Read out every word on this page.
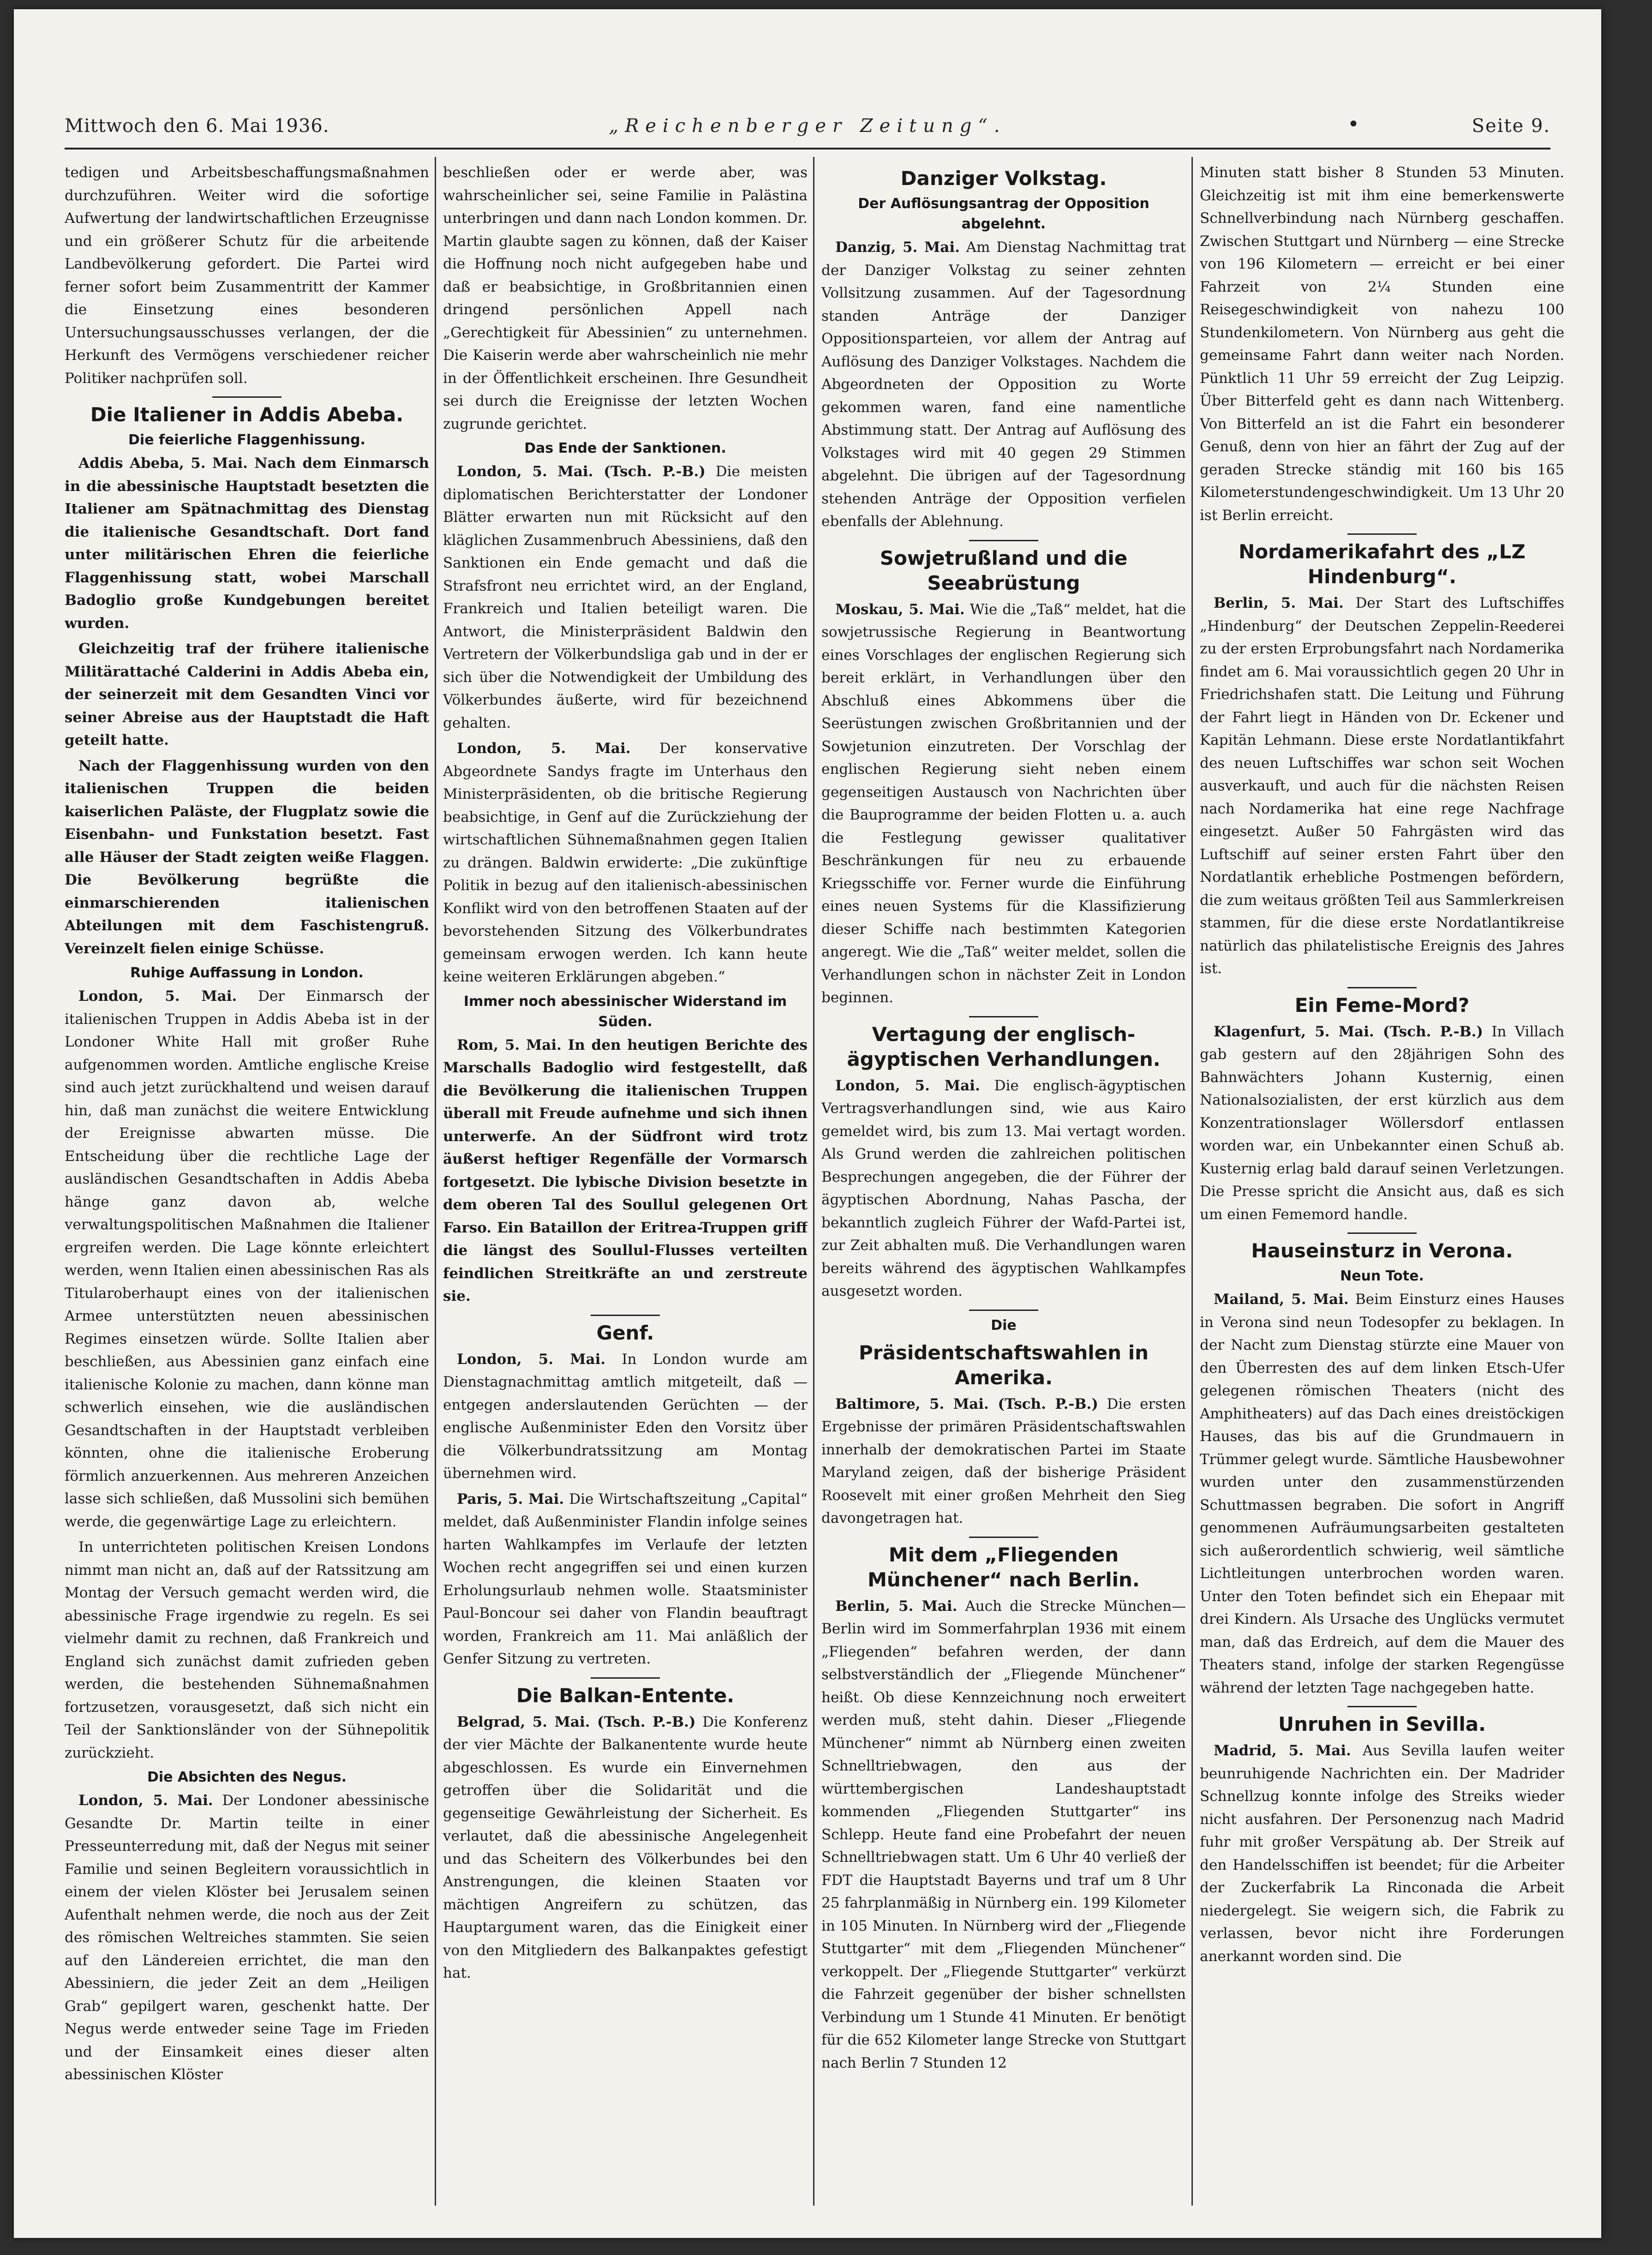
Mittwoch den 6. Mai 1936.	„Reichenberger Zeitung“.	•	Seite 9.

tedigen und Arbeitsbeschaffungsmaßnahmen durchzuführen. Weiter wird die sofortige Aufwertung der landwirtschaftlichen Erzeugnisse und ein größerer Schutz für die arbeitende Landbevölkerung gefordert. Die Partei wird ferner sofort beim Zusammentritt der Kammer die Einsetzung eines besonderen Untersuchungsausschusses verlangen, der die Herkunft des Vermögens verschiedener reicher Politiker nachprüfen soll.

Die Italiener in Addis Abeba.
Die feierliche Flaggenhissung.

Addis Abeba, 5. Mai. Nach dem Einmarsch in die abessinische Hauptstadt besetzten die Italiener am Spätnachmittag des Dienstag die italienische Gesandtschaft. Dort fand unter militärischen Ehren die feierliche Flaggenhissung statt, wobei Marschall Badoglio große Kundgebungen bereitet wurden.

Gleichzeitig traf der frühere italienische Militärattaché Calderini in Addis Abeba ein, der seinerzeit mit dem Gesandten Vinci vor seiner Abreise aus der Hauptstadt die Haft geteilt hatte.

Nach der Flaggenhissung wurden von den italienischen Truppen die beiden kaiserlichen Paläste, der Flugplatz sowie die Eisenbahn- und Funkstation besetzt. Fast alle Häuser der Stadt zeigten weiße Flaggen. Die Bevölkerung begrüßte die einmarschierenden italienischen Abteilungen mit dem Faschistengruß. Vereinzelt fielen einige Schüsse.

Ruhige Auffassung in London.

London, 5. Mai. Der Einmarsch der italienischen Truppen in Addis Abeba ist in der Londoner White Hall mit großer Ruhe aufgenommen worden. Amtliche englische Kreise sind auch jetzt zurückhaltend und weisen darauf hin, daß man zunächst die weitere Entwicklung der Ereignisse abwarten müsse. Die Entscheidung über die rechtliche Lage der ausländischen Gesandtschaften in Addis Abeba hänge ganz davon ab, welche verwaltungspolitischen Maßnahmen die Italiener ergreifen werden. Die Lage könnte erleichtert werden, wenn Italien einen abessinischen Ras als Titularoberhaupt eines von der italienischen Armee unterstützten neuen abessinischen Regimes einsetzen würde. Sollte Italien aber beschließen, aus Abessinien ganz einfach eine italienische Kolonie zu machen, dann könne man schwerlich einsehen, wie die ausländischen Gesandtschaften in der Hauptstadt verbleiben könnten, ohne die italienische Eroberung förmlich anzuerkennen. Aus mehreren Anzeichen lasse sich schließen, daß Mussolini sich bemühen werde, die gegenwärtige Lage zu erleichtern.

In unterrichteten politischen Kreisen Londons nimmt man nicht an, daß auf der Ratssitzung am Montag der Versuch gemacht werden wird, die abessinische Frage irgendwie zu regeln. Es sei vielmehr damit zu rechnen, daß Frankreich und England sich zunächst damit zufrieden geben werden, die bestehenden Sühnemaßnahmen fortzusetzen, vorausgesetzt, daß sich nicht ein Teil der Sanktionsländer von der Sühnepolitik zurückzieht.

Die Absichten des Negus.

London, 5. Mai. Der Londoner abessinische Gesandte Dr. Martin teilte in einer Presseunterredung mit, daß der Negus mit seiner Familie und seinen Begleitern voraussichtlich in einem der vielen Klöster bei Jerusalem seinen Aufenthalt nehmen werde, die noch aus der Zeit des römischen Weltreiches stammten. Sie seien auf den Ländereien errichtet, die man den Abessiniern, die jeder Zeit an dem „Heiligen Grab“ gepilgert waren, geschenkt hatte. Der Negus werde entweder seine Tage im Frieden und der Einsamkeit eines dieser alten abessinischen Klöster

beschließen oder er werde aber, was wahrscheinlicher sei, seine Familie in Palästina unterbringen und dann nach London kommen. Dr. Martin glaubte sagen zu können, daß der Kaiser die Hoffnung noch nicht aufgegeben habe und daß er beabsichtige, in Großbritannien einen dringend persönlichen Appell nach „Gerechtigkeit für Abessinien“ zu unternehmen. Die Kaiserin werde aber wahrscheinlich nie mehr in der Öffentlichkeit erscheinen. Ihre Gesundheit sei durch die Ereignisse der letzten Wochen zugrunde gerichtet.

Das Ende der Sanktionen.

London, 5. Mai. (Tsch. P.-B.) Die meisten diplomatischen Berichterstatter der Londoner Blätter erwarten nun mit Rücksicht auf den kläglichen Zusammenbruch Abessiniens, daß den Sanktionen ein Ende gemacht und daß die Strafsfront neu errichtet wird, an der England, Frankreich und Italien beteiligt waren. Die Antwort, die Ministerpräsident Baldwin den Vertretern der Völkerbundsliga gab und in der er sich über die Notwendigkeit der Umbildung des Völkerbundes äußerte, wird für bezeichnend gehalten.

London, 5. Mai. Der konservative Abgeordnete Sandys fragte im Unterhaus den Ministerpräsidenten, ob die britische Regierung beabsichtige, in Genf auf die Zurückziehung der wirtschaftlichen Sühnemaßnahmen gegen Italien zu drängen. Baldwin erwiderte: „Die zukünftige Politik in bezug auf den italienisch-abessinischen Konflikt wird von den betroffenen Staaten auf der bevorstehenden Sitzung des Völkerbundrates gemeinsam erwogen werden. Ich kann heute keine weiteren Erklärungen abgeben.“

Immer noch abessinischer Widerstand im Süden.

Rom, 5. Mai. In den heutigen Berichte des Marschalls Badoglio wird festgestellt, daß die Bevölkerung die italienischen Truppen überall mit Freude aufnehme und sich ihnen unterwerfe. An der Südfront wird trotz äußerst heftiger Regenfälle der Vormarsch fortgesetzt. Die lybische Division besetzte in dem oberen Tal des Soullul gelegenen Ort Farso. Ein Bataillon der Eritrea-Truppen griff die längst des Soullul-Flusses verteilten feindlichen Streitkräfte an und zerstreute sie.

Genf.

London, 5. Mai. In London wurde am Dienstagnachmittag amtlich mitgeteilt, daß — entgegen anderslautenden Gerüchten — der englische Außenminister Eden den Vorsitz über die Völkerbundratssitzung am Montag übernehmen wird.

Paris, 5. Mai. Die Wirtschaftszeitung „Capital“ meldet, daß Außenminister Flandin infolge seines harten Wahlkampfes im Verlaufe der letzten Wochen recht angegriffen sei und einen kurzen Erholungsurlaub nehmen wolle. Staatsminister Paul-Boncour sei daher von Flandin beauftragt worden, Frankreich am 11. Mai anläßlich der Genfer Sitzung zu vertreten.

Die Balkan-Entente.

Belgrad, 5. Mai. (Tsch. P.-B.) Die Konferenz der vier Mächte der Balkanentente wurde heute abgeschlossen. Es wurde ein Einvernehmen getroffen über die Solidarität und die gegenseitige Gewährleistung der Sicherheit. Es verlautet, daß die abessinische Angelegenheit und das Scheitern des Völkerbundes bei den Anstrengungen, die kleinen Staaten vor mächtigen Angreifern zu schützen, das Hauptargument waren, das die Einigkeit einer von den Mitgliedern des Balkanpaktes gefestigt hat.

Danziger Volkstag.
Der Auflösungsantrag der Opposition abgelehnt.

Danzig, 5. Mai. Am Dienstag Nachmittag trat der Danziger Volkstag zu seiner zehnten Vollsitzung zusammen. Auf der Tagesordnung standen Anträge der Danziger Oppositionsparteien, vor allem der Antrag auf Auflösung des Danziger Volkstages. Nachdem die Abgeordneten der Opposition zu Worte gekommen waren, fand eine namentliche Abstimmung statt. Der Antrag auf Auflösung des Volkstages wird mit 40 gegen 29 Stimmen abgelehnt. Die übrigen auf der Tagesordnung stehenden Anträge der Opposition verfielen ebenfalls der Ablehnung.

Sowjetrußland und die Seeabrüstung

Moskau, 5. Mai. Wie die „Taß“ meldet, hat die sowjetrussische Regierung in Beantwortung eines Vorschlages der englischen Regierung sich bereit erklärt, in Verhandlungen über den Abschluß eines Abkommens über die Seerüstungen zwischen Großbritannien und der Sowjetunion einzutreten. Der Vorschlag der englischen Regierung sieht neben einem gegenseitigen Austausch von Nachrichten über die Bauprogramme der beiden Flotten u. a. auch die Festlegung gewisser qualitativer Beschränkungen für neu zu erbauende Kriegsschiffe vor. Ferner wurde die Einführung eines neuen Systems für die Klassifizierung dieser Schiffe nach bestimmten Kategorien angeregt. Wie die „Taß“ weiter meldet, sollen die Verhandlungen schon in nächster Zeit in London beginnen.

Vertagung der englisch-ägyptischen Verhandlungen.

London, 5. Mai. Die englisch-ägyptischen Vertragsverhandlungen sind, wie aus Kairo gemeldet wird, bis zum 13. Mai vertagt worden. Als Grund werden die zahlreichen politischen Besprechungen angegeben, die der Führer der ägyptischen Abordnung, Nahas Pascha, der bekanntlich zugleich Führer der Wafd-Partei ist, zur Zeit abhalten muß. Die Verhandlungen waren bereits während des ägyptischen Wahlkampfes ausgesetzt worden.

Die
Präsidentschaftswahlen in Amerika.

Baltimore, 5. Mai. (Tsch. P.-B.) Die ersten Ergebnisse der primären Präsidentschaftswahlen innerhalb der demokratischen Partei im Staate Maryland zeigen, daß der bisherige Präsident Roosevelt mit einer großen Mehrheit den Sieg davongetragen hat.

Mit dem „Fliegenden Münchener“ nach Berlin.

Berlin, 5. Mai. Auch die Strecke München—Berlin wird im Sommerfahrplan 1936 mit einem „Fliegenden“ befahren werden, der dann selbstverständlich der „Fliegende Münchener“ heißt. Ob diese Kennzeichnung noch erweitert werden muß, steht dahin. Dieser „Fliegende Münchener“ nimmt ab Nürnberg einen zweiten Schnelltriebwagen, den aus der württembergischen Landeshauptstadt kommenden „Fliegenden Stuttgarter“ ins Schlepp. Heute fand eine Probefahrt der neuen Schnelltriebwagen statt. Um 6 Uhr 40 verließ der FDT die Hauptstadt Bayerns und traf um 8 Uhr 25 fahrplanmäßig in Nürnberg ein. 199 Kilometer in 105 Minuten. In Nürnberg wird der „Fliegende Stuttgarter“ mit dem „Fliegenden Münchener“ verkoppelt. Der „Fliegende Stuttgarter“ verkürzt die Fahrzeit gegenüber der bisher schnellsten Verbindung um 1 Stunde 41 Minuten. Er benötigt für die 652 Kilometer lange Strecke von Stuttgart nach Berlin 7 Stunden 12

Minuten statt bisher 8 Stunden 53 Minuten. Gleichzeitig ist mit ihm eine bemerkenswerte Schnellverbindung nach Nürnberg geschaffen. Zwischen Stuttgart und Nürnberg — eine Strecke von 196 Kilometern — erreicht er bei einer Fahrzeit von 2¼ Stunden eine Reisegeschwindigkeit von nahezu 100 Stundenkilometern. Von Nürnberg aus geht die gemeinsame Fahrt dann weiter nach Norden. Pünktlich 11 Uhr 59 erreicht der Zug Leipzig. Über Bitterfeld geht es dann nach Wittenberg. Von Bitterfeld an ist die Fahrt ein besonderer Genuß, denn von hier an fährt der Zug auf der geraden Strecke ständig mit 160 bis 165 Kilometerstundengeschwindigkeit. Um 13 Uhr 20 ist Berlin erreicht.

Nordamerikafahrt des „LZ Hindenburg“.

Berlin, 5. Mai. Der Start des Luftschiffes „Hindenburg“ der Deutschen Zeppelin-Reederei zu der ersten Erprobungsfahrt nach Nordamerika findet am 6. Mai voraussichtlich gegen 20 Uhr in Friedrichshafen statt. Die Leitung und Führung der Fahrt liegt in Händen von Dr. Eckener und Kapitän Lehmann. Diese erste Nordatlantikfahrt des neuen Luftschiffes war schon seit Wochen ausverkauft, und auch für die nächsten Reisen nach Nordamerika hat eine rege Nachfrage eingesetzt. Außer 50 Fahrgästen wird das Luftschiff auf seiner ersten Fahrt über den Nordatlantik erhebliche Postmengen befördern, die zum weitaus größten Teil aus Sammlerkreisen stammen, für die diese erste Nordatlantikreise natürlich das philatelistische Ereignis des Jahres ist.

Ein Feme-Mord?

Klagenfurt, 5. Mai. (Tsch. P.-B.) In Villach gab gestern auf den 28jährigen Sohn des Bahnwächters Johann Kusternig, einen Nationalsozialisten, der erst kürzlich aus dem Konzentrationslager Wöllersdorf entlassen worden war, ein Unbekannter einen Schuß ab. Kusternig erlag bald darauf seinen Verletzungen. Die Presse spricht die Ansicht aus, daß es sich um einen Fememord handle.

Hauseinsturz in Verona.
Neun Tote.

Mailand, 5. Mai. Beim Einsturz eines Hauses in Verona sind neun Todesopfer zu beklagen. In der Nacht zum Dienstag stürzte eine Mauer von den Überresten des auf dem linken Etsch-Ufer gelegenen römischen Theaters (nicht des Amphitheaters) auf das Dach eines dreistöckigen Hauses, das bis auf die Grundmauern in Trümmer gelegt wurde. Sämtliche Hausbewohner wurden unter den zusammenstürzenden Schuttmassen begraben. Die sofort in Angriff genommenen Aufräumungsarbeiten gestalteten sich außerordentlich schwierig, weil sämtliche Lichtleitungen unterbrochen worden waren. Unter den Toten befindet sich ein Ehepaar mit drei Kindern. Als Ursache des Unglücks vermutet man, daß das Erdreich, auf dem die Mauer des Theaters stand, infolge der starken Regengüsse während der letzten Tage nachgegeben hatte.

Unruhen in Sevilla.

Madrid, 5. Mai. Aus Sevilla laufen weiter beunruhigende Nachrichten ein. Der Madrider Schnellzug konnte infolge des Streiks wieder nicht ausfahren. Der Personenzug nach Madrid fuhr mit großer Verspätung ab. Der Streik auf den Handelsschiffen ist beendet; für die Arbeiter der Zuckerfabrik La Rinconada die Arbeit niedergelegt. Sie weigern sich, die Fabrik zu verlassen, bevor nicht ihre Forderungen anerkannt worden sind. Die
